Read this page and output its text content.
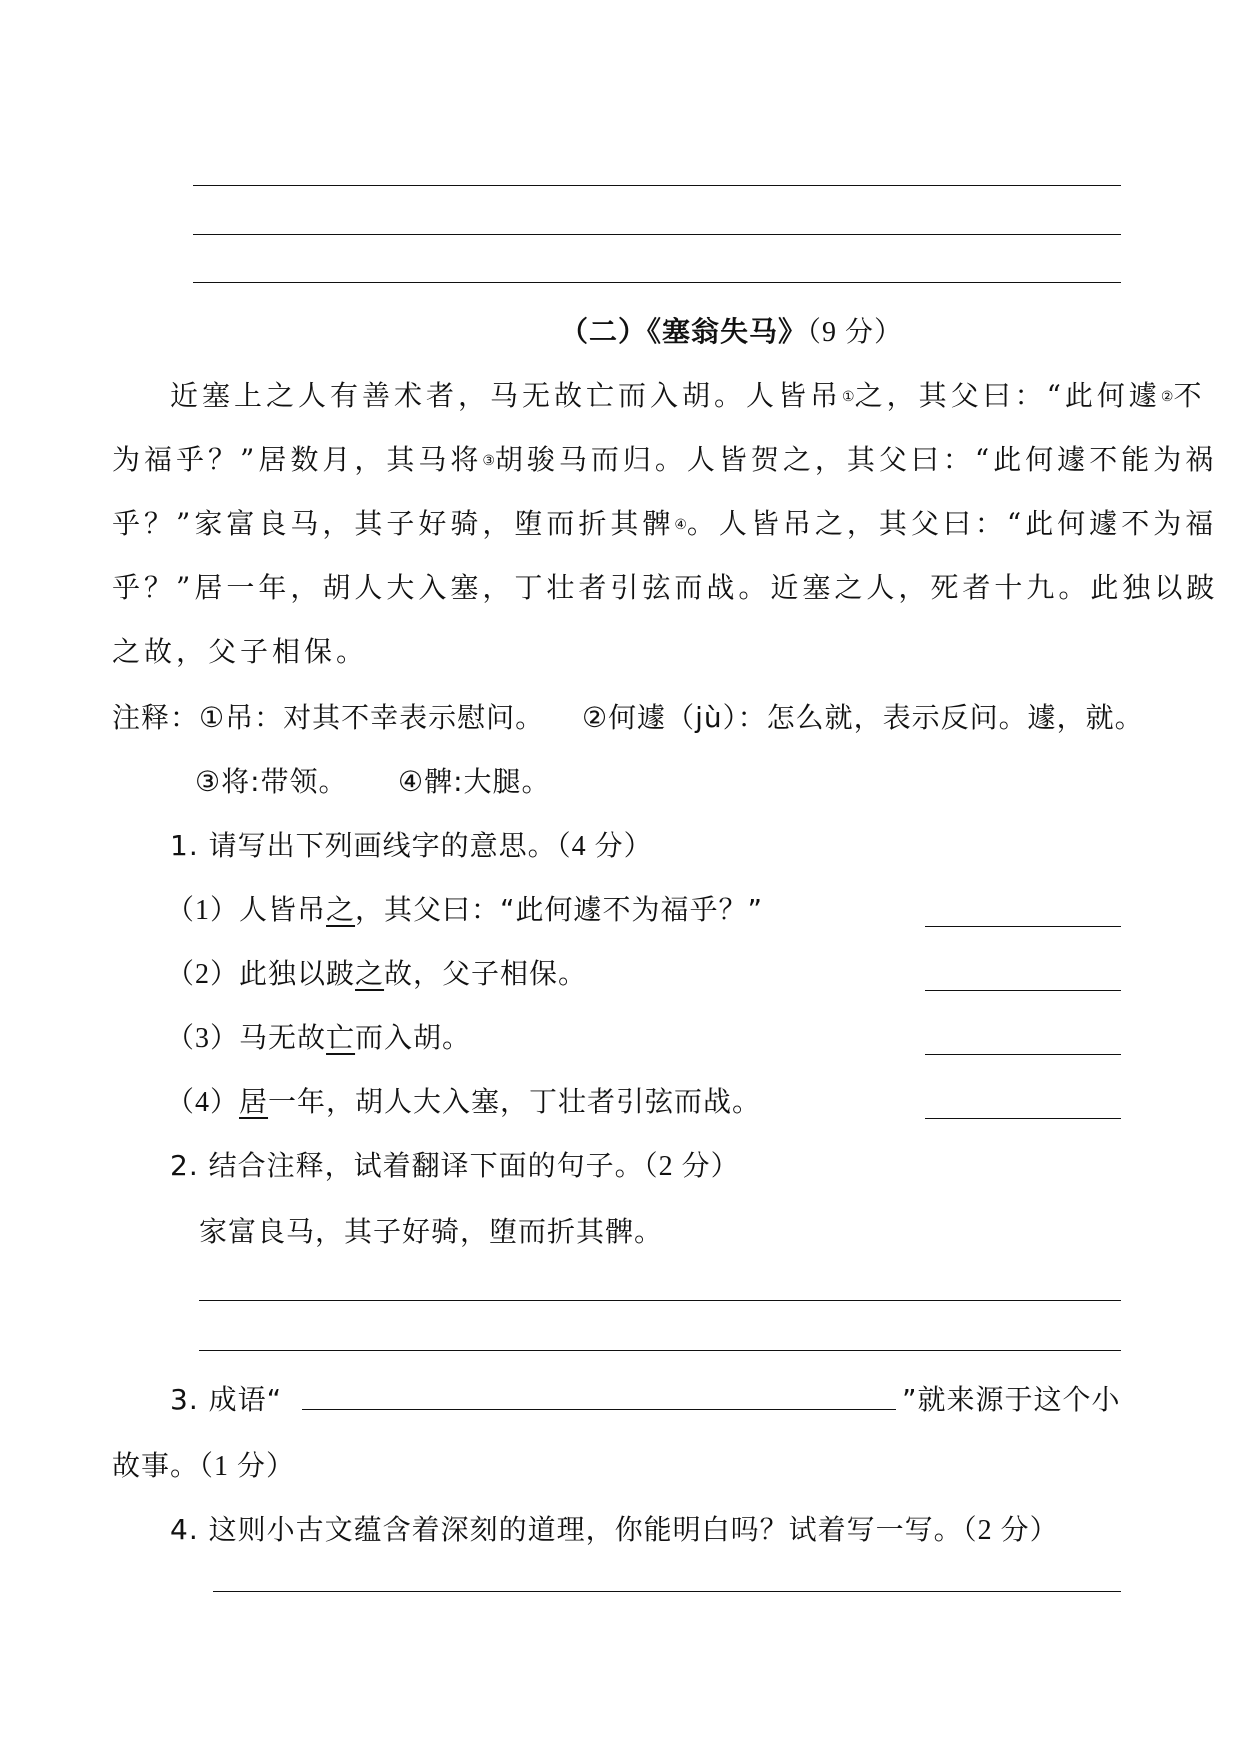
（二）《塞翁失马》（9 分）
近塞上之人有善术者，马无故亡而入胡。人皆吊①之，其父曰：“此何遽②不
为福乎？”居数月，其马将③胡骏马而归。人皆贺之，其父曰：“此何遽不能为祸
乎？”家富良马，其子好骑，堕而折其髀④。人皆吊之，其父曰：“此何遽不为福
乎？”居一年，胡人大入塞，丁壮者引弦而战。近塞之人，死者十九。此独以跛
之故，父子相保。
注释：①吊：对其不幸表示慰问。 ②何遽（jù）：怎么就，表示反问。遽，就。
③将:带领。 ④髀:大腿。
1. 请写出下列画线字的意思。（4 分）
（1）人皆吊之，其父曰：“此何遽不为福乎？”
（2）此独以跛之故，父子相保。
（3）马无故亡而入胡。
（4）居一年，胡人大入塞，丁壮者引弦而战。
2. 结合注释，试着翻译下面的句子。（2 分）
家富良马，其子好骑，堕而折其髀。
3. 成语“	”就来源于这个小
故事。（1 分）
4. 这则小古文蕴含着深刻的道理，你能明白吗？试着写一写。（2 分）
